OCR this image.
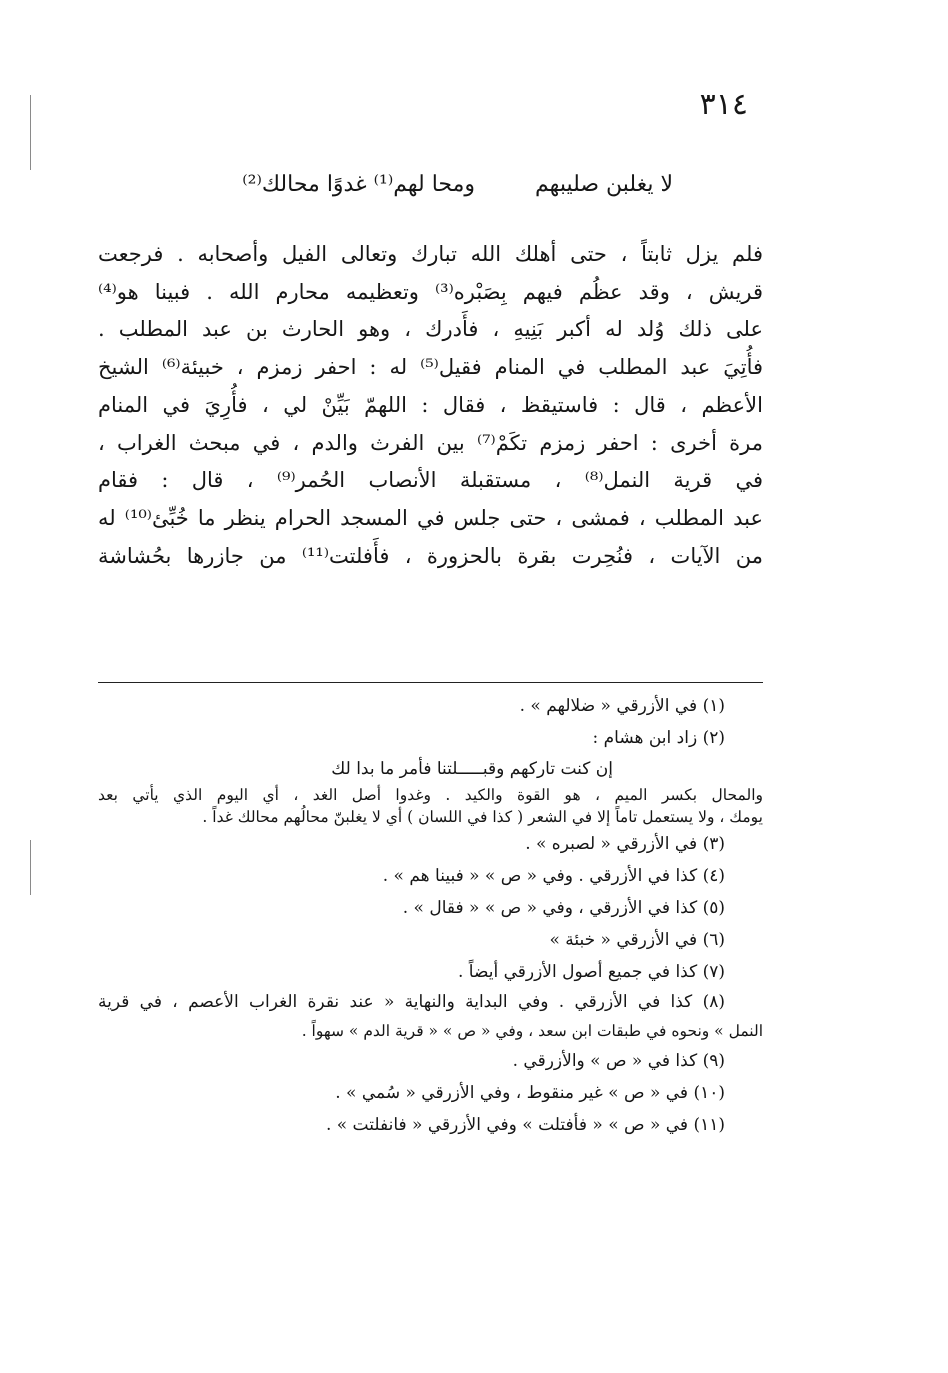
٣١٤
لا يغلبن صليبهمومحا لهم⁽¹⁾ غدوًا محالك⁽²⁾
فلم يزل ثابتاً ، حتى أهلك الله تبارك وتعالى الفيل وأصحابه . فرجعت
قريش ، وقد عظُم فيهم بِصَبْره⁽³⁾ وتعظيمه محارم الله . فبينا هو⁽⁴⁾
على ذلك وُلد له أكبر بَنِيهِ ، فأَدرك ، وهو الحارث بن عبد المطلب .
فأُتِيَ عبد المطلب في المنام فقيل⁽⁵⁾ له : احفر زمزم ، خبيئة⁽⁶⁾ الشيخ
الأعظم ، قال : فاستيقظ ، فقال : اللهمّ بَيِّنْ لي ، فأُرِيَ في المنام
مرة أخرى : احفر زمزم تكَمْ⁽⁷⁾ بين الفرث والدم ، في مبحث الغراب ،
في قرية النمل⁽⁸⁾ ، مستقبلة الأنصاب الحُمر⁽⁹⁾ ، قال : فقام
عبد المطلب ، فمشى ، حتى جلس في المسجد الحرام ينظر ما خُبِّئ⁽¹⁰⁾ له
من الآيات ، فنُحِرت بقرة بالحزورة ، فأَفلتت⁽¹¹⁾ من جازرها بحُشاشة
(١) في الأزرقي « ضلالهم » .
(٢) زاد ابن هشام :
إن كنت تاركهم وقبـــــلتنا فأمر ما بدا لك
والمحال بكسر الميم ، هو القوة والكيد . وغدوا أصل الغد ، أي اليوم الذي يأتي بعد
يومك ، ولا يستعمل تاماً إلا في الشعر ( كذا في اللسان ) أي لا يغلبنّ محالُهم محالك غداً .
(٣) في الأزرقي « لصبره » .
(٤) كذا في الأزرقي . وفي « ص » « فبينا هم » .
(٥) كذا في الأزرقي ، وفي « ص » « فقال » .
(٦) في الأزرقي « خبئة »
(٧) كذا في جميع أصول الأزرقي أيضاً .
(٨) كذا في الأزرقي . وفي البداية والنهاية « عند نقرة الغراب الأعصم ، في قرية
النمل » ونحوه في طبقات ابن سعد ، وفي « ص » « قرية الدم » سهواً .
(٩) كذا في « ص » والأزرقي .
(١٠) في « ص » غير منقوط ، وفي الأزرقي « سُمي » .
(١١) في « ص » « فأفتلت » وفي الأزرقي « فانفلتت » .
